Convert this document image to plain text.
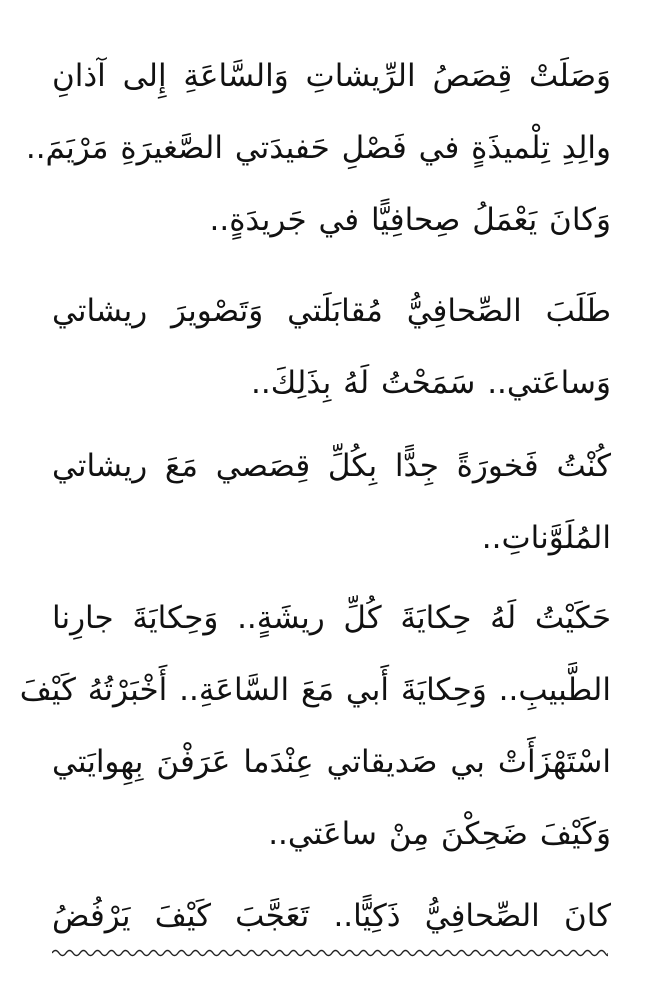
وَصَلَتْ قِصَصُ الرِّيشاتِ وَالسَّاعَةِ إِلى آذانِ
والِدِ تِلْميذَةٍ في فَصْلِ حَفيدَتي الصَّغيرَةِ مَرْيَمَ..
وَكانَ يَعْمَلُ صِحافِيًّا في جَريدَةٍ..
طَلَبَ الصِّحافِيُّ مُقابَلَتي وَتَصْويرَ ريشاتي
وَساعَتي.. سَمَحْتُ لَهُ بِذَلِكَ..
كُنْتُ فَخورَةً جِدًّا بِكُلِّ قِصَصي مَعَ ريشاتي
المُلَوَّناتِ..
حَكَيْتُ لَهُ حِكايَةَ كُلِّ ريشَةٍ.. وَحِكايَةَ جارِنا
الطَّبيبِ.. وَحِكايَةَ أَبي مَعَ السَّاعَةِ.. أَخْبَرْتُهُ كَيْفَ
اسْتَهْزَأَتْ بي صَديقاتي عِنْدَما عَرَفْنَ بِهِوايَتي
وَكَيْفَ ضَحِكْنَ مِنْ ساعَتي..
كانَ الصِّحافِيُّ ذَكِيًّا.. تَعَجَّبَ كَيْفَ يَرْفُضُ
